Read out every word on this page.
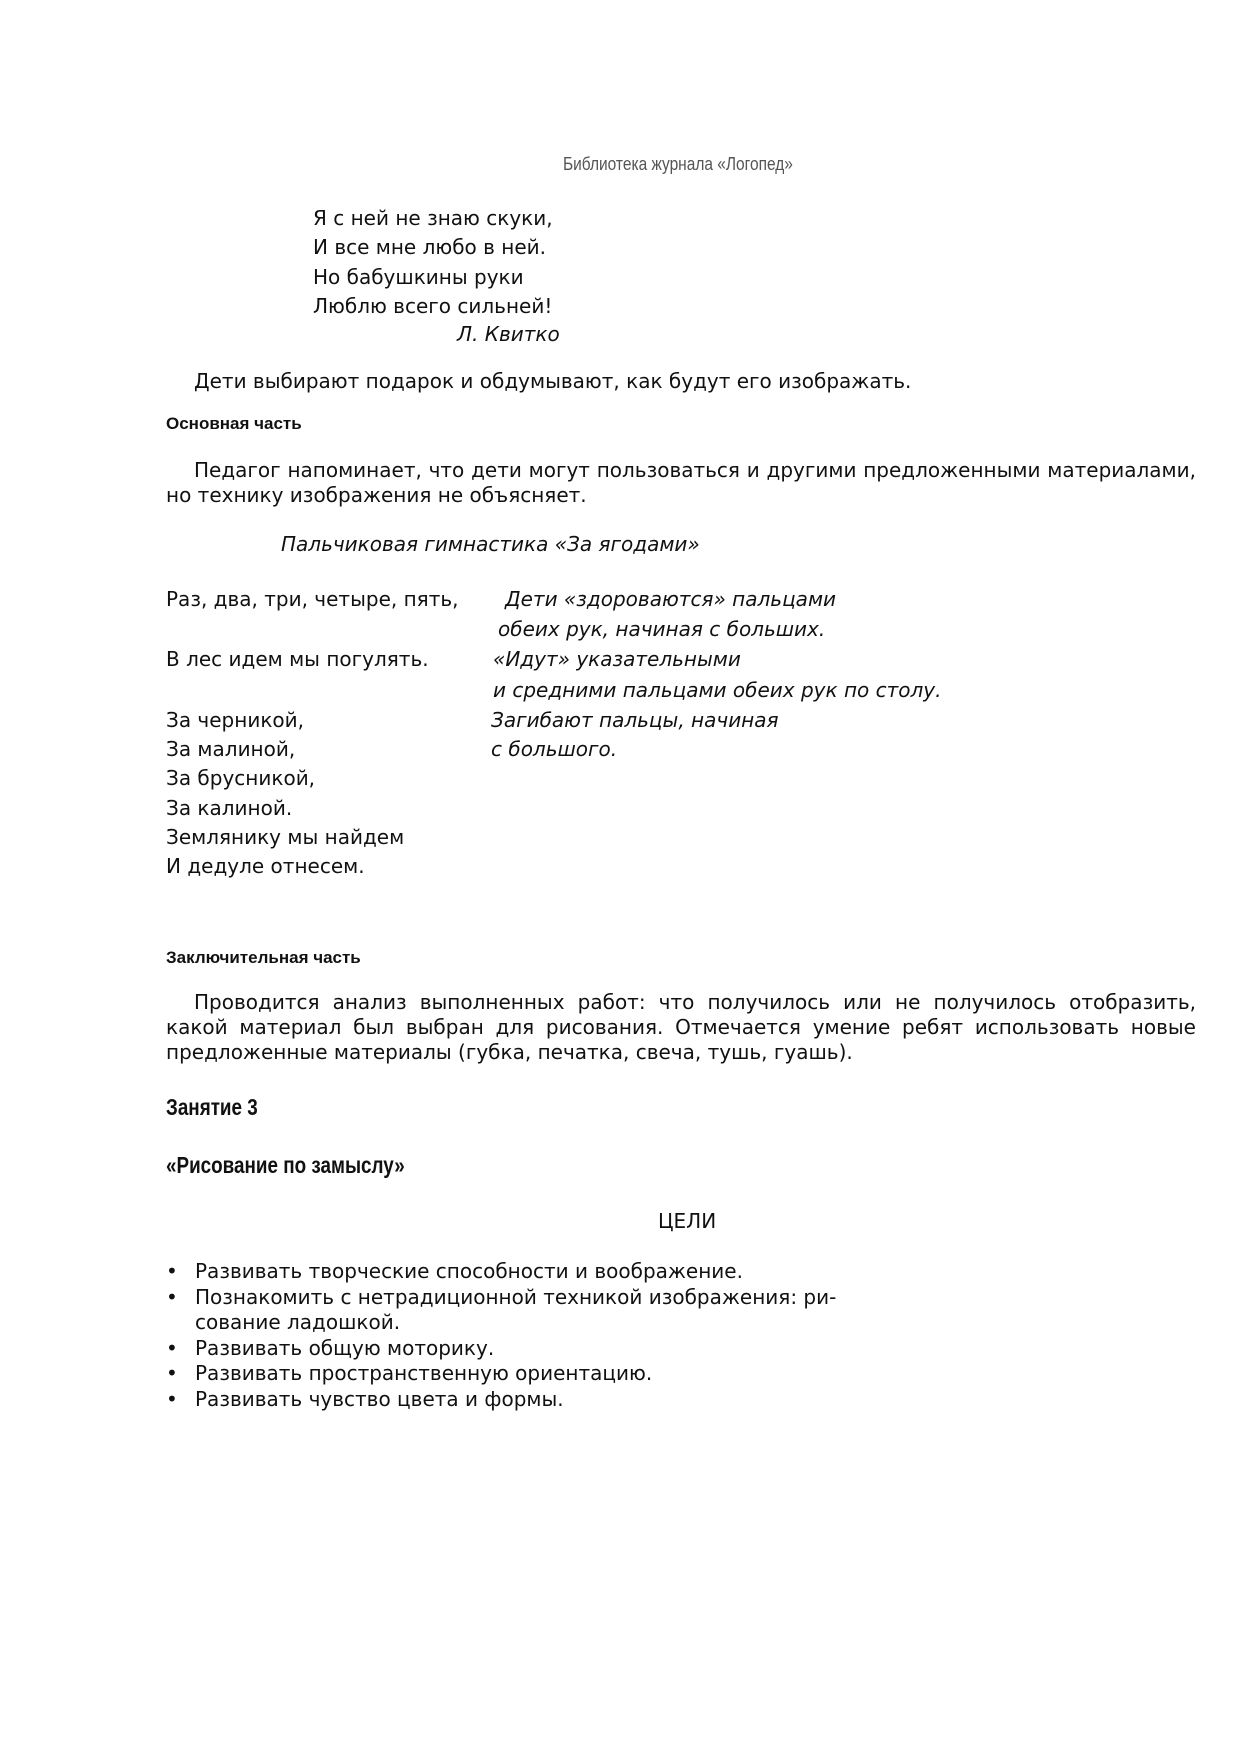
Библиотека журнала «Логопед»
Я с ней не знаю скуки,
И все мне любо в ней.
Но бабушкины руки
Люблю всего сильней!
Л. Квитко
Дети выбирают подарок и обдумывают, как будут его изображать.
Основная часть

Педагог напоминает, что дети могут пользоваться и другими предложенными материалами, но технику изображения не объясняет.

Пальчиковая гимнастика «За ягодами»
Раз, два, три, четыре, пять,
В лес идем мы погулять.
За черникой,
За малиной,
За брусникой,
За калиной.
Землянику мы найдем
И дедуле отнесем.
Дети «здороваются» пальцами
обеих рук, начиная с больших.
«Идут» указательными
и средними пальцами обеих рук по столу.
Загибают пальцы, начиная
с большого.
Заключительная часть

Проводится анализ выполненных работ: что получилось или не получилось отобразить, какой материал был выбран для рисования. Отмечается умение ребят использовать новые предложенные материалы (губка, печатка, свеча, тушь, гуашь).

Занятие 3
«Рисование по замыслу»
ЦЕЛИ
• Развивать творческие способности и воображение.
• Познакомить с нетрадиционной техникой изображения: рисование ладошкой.
• Развивать общую моторику.
• Развивать пространственную ориентацию.
• Развивать чувство цвета и формы.
